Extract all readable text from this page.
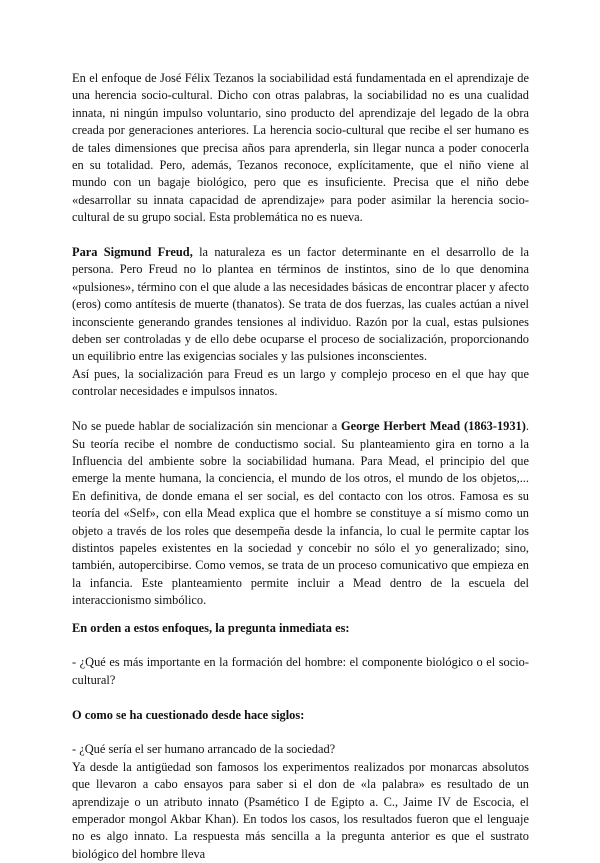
En el enfoque de José Félix Tezanos la sociabilidad está fundamentada en el aprendizaje de una herencia socio-cultural. Dicho con otras palabras, la sociabilidad no es una cualidad innata, ni ningún impulso voluntario, sino producto del aprendizaje del legado de la obra creada por generaciones anteriores. La herencia socio-cultural que recibe el ser humano es de tales dimensiones que precisa años para aprenderla, sin llegar nunca a poder conocerla en su totalidad. Pero, además, Tezanos reconoce, explícitamente, que el niño viene al mundo con un bagaje biológico, pero que es insuficiente. Precisa que el niño debe «desarrollar su innata capacidad de aprendizaje» para poder asimilar la herencia socio-cultural de su grupo social. Esta problemática no es nueva.

Para Sigmund Freud, la naturaleza es un factor determinante en el desarrollo de la persona. Pero Freud no lo plantea en términos de instintos, sino de lo que denomina «pulsiones», término con el que alude a las necesidades básicas de encontrar placer y afecto (eros) como antítesis de muerte (thanatos). Se trata de dos fuerzas, las cuales actúan a nivel inconsciente generando grandes tensiones al individuo. Razón por la cual, estas pulsiones deben ser controladas y de ello debe ocuparse el proceso de socialización, proporcionando un equilibrio entre las exigencias sociales y las pulsiones inconscientes.

Así pues, la socialización para Freud es un largo y complejo proceso en el que hay que controlar necesidades e impulsos innatos.

No se puede hablar de socialización sin mencionar a George Herbert Mead (1863-1931). Su teoría recibe el nombre de conductismo social. Su planteamiento gira en torno a la Influencia del ambiente sobre la sociabilidad humana. Para Mead, el principio del que emerge la mente humana, la conciencia, el mundo de los otros, el mundo de los objetos,... En definitiva, de donde emana el ser social, es del contacto con los otros. Famosa es su teoría del «Self», con ella Mead explica que el hombre se constituye a sí mismo como un objeto a través de los roles que desempeña desde la infancia, lo cual le permite captar los distintos papeles existentes en la sociedad y concebir no sólo el yo generalizado; sino, también, autopercibirse. Como vemos, se trata de un proceso comunicativo que empieza en la infancia. Este planteamiento permite incluir a Mead dentro de la escuela del interaccionismo simbólico.

En orden a estos enfoques, la pregunta inmediata es:

- ¿Qué es más importante en la formación del hombre: el componente biológico o el socio-cultural?

O como se ha cuestionado desde hace siglos:

- ¿Qué sería el ser humano arrancado de la sociedad?

Ya desde la antigüedad son famosos los experimentos realizados por monarcas absolutos que llevaron a cabo ensayos para saber si el don de «la palabra» es resultado de un aprendizaje o un atributo innato (Psamético I de Egipto a. C., Jaime IV de Escocia, el emperador mongol Akbar Khan). En todos los casos, los resultados fueron que el lenguaje no es algo innato. La respuesta más sencilla a la pregunta anterior es que el sustrato biológico del hombre lleva
